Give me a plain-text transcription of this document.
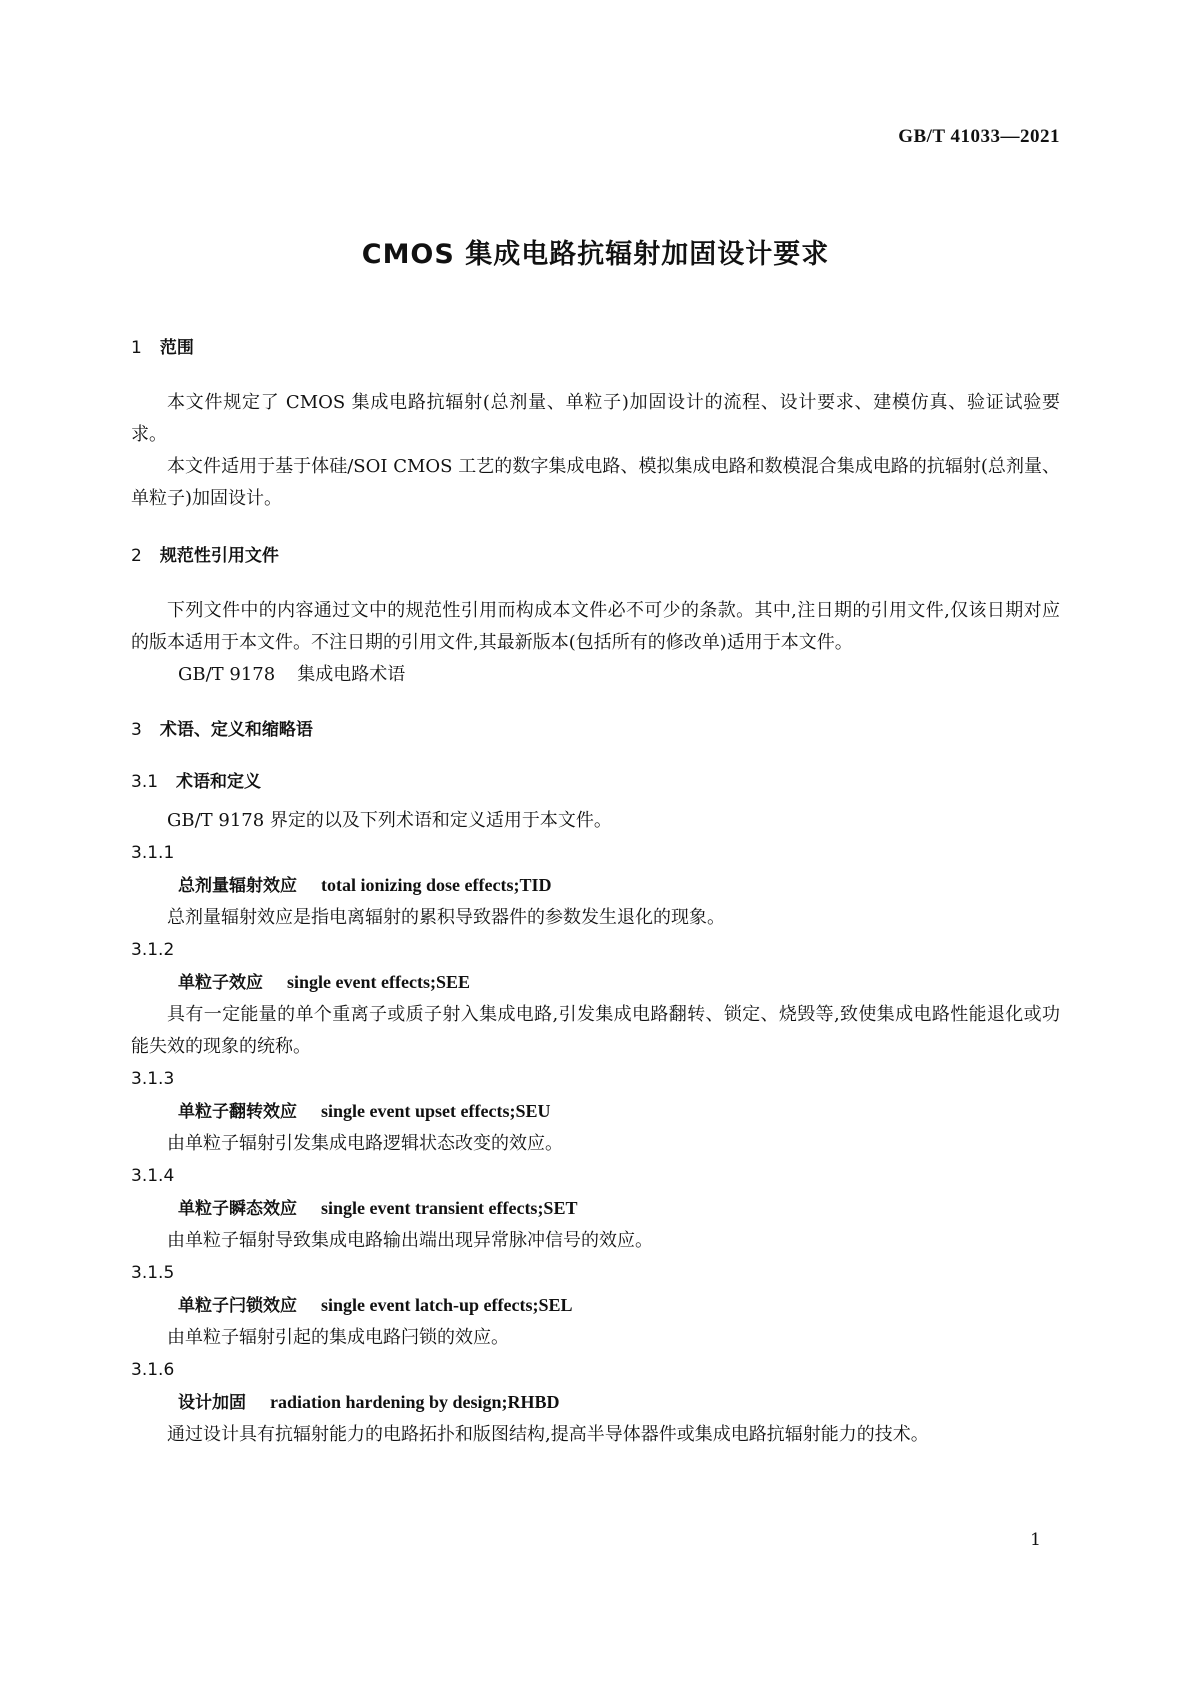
GB/T 41033—2021
CMOS 集成电路抗辐射加固设计要求
1 范围
本文件规定了 CMOS 集成电路抗辐射(总剂量、单粒子)加固设计的流程、设计要求、建模仿真、验证试验要求。
本文件适用于基于体硅/SOI CMOS 工艺的数字集成电路、模拟集成电路和数模混合集成电路的抗辐射(总剂量、单粒子)加固设计。
2 规范性引用文件
下列文件中的内容通过文中的规范性引用而构成本文件必不可少的条款。其中,注日期的引用文件,仅该日期对应的版本适用于本文件。不注日期的引用文件,其最新版本(包括所有的修改单)适用于本文件。
GB/T 9178 集成电路术语
3 术语、定义和缩略语
3.1 术语和定义
GB/T 9178 界定的以及下列术语和定义适用于本文件。
3.1.1
总剂量辐射效应 total ionizing dose effects;TID
总剂量辐射效应是指电离辐射的累积导致器件的参数发生退化的现象。
3.1.2
单粒子效应 single event effects;SEE
具有一定能量的单个重离子或质子射入集成电路,引发集成电路翻转、锁定、烧毁等,致使集成电路性能退化或功能失效的现象的统称。
3.1.3
单粒子翻转效应 single event upset effects;SEU
由单粒子辐射引发集成电路逻辑状态改变的效应。
3.1.4
单粒子瞬态效应 single event transient effects;SET
由单粒子辐射导致集成电路输出端出现异常脉冲信号的效应。
3.1.5
单粒子闩锁效应 single event latch-up effects;SEL
由单粒子辐射引起的集成电路闩锁的效应。
3.1.6
设计加固 radiation hardening by design;RHBD
通过设计具有抗辐射能力的电路拓扑和版图结构,提高半导体器件或集成电路抗辐射能力的技术。
1
